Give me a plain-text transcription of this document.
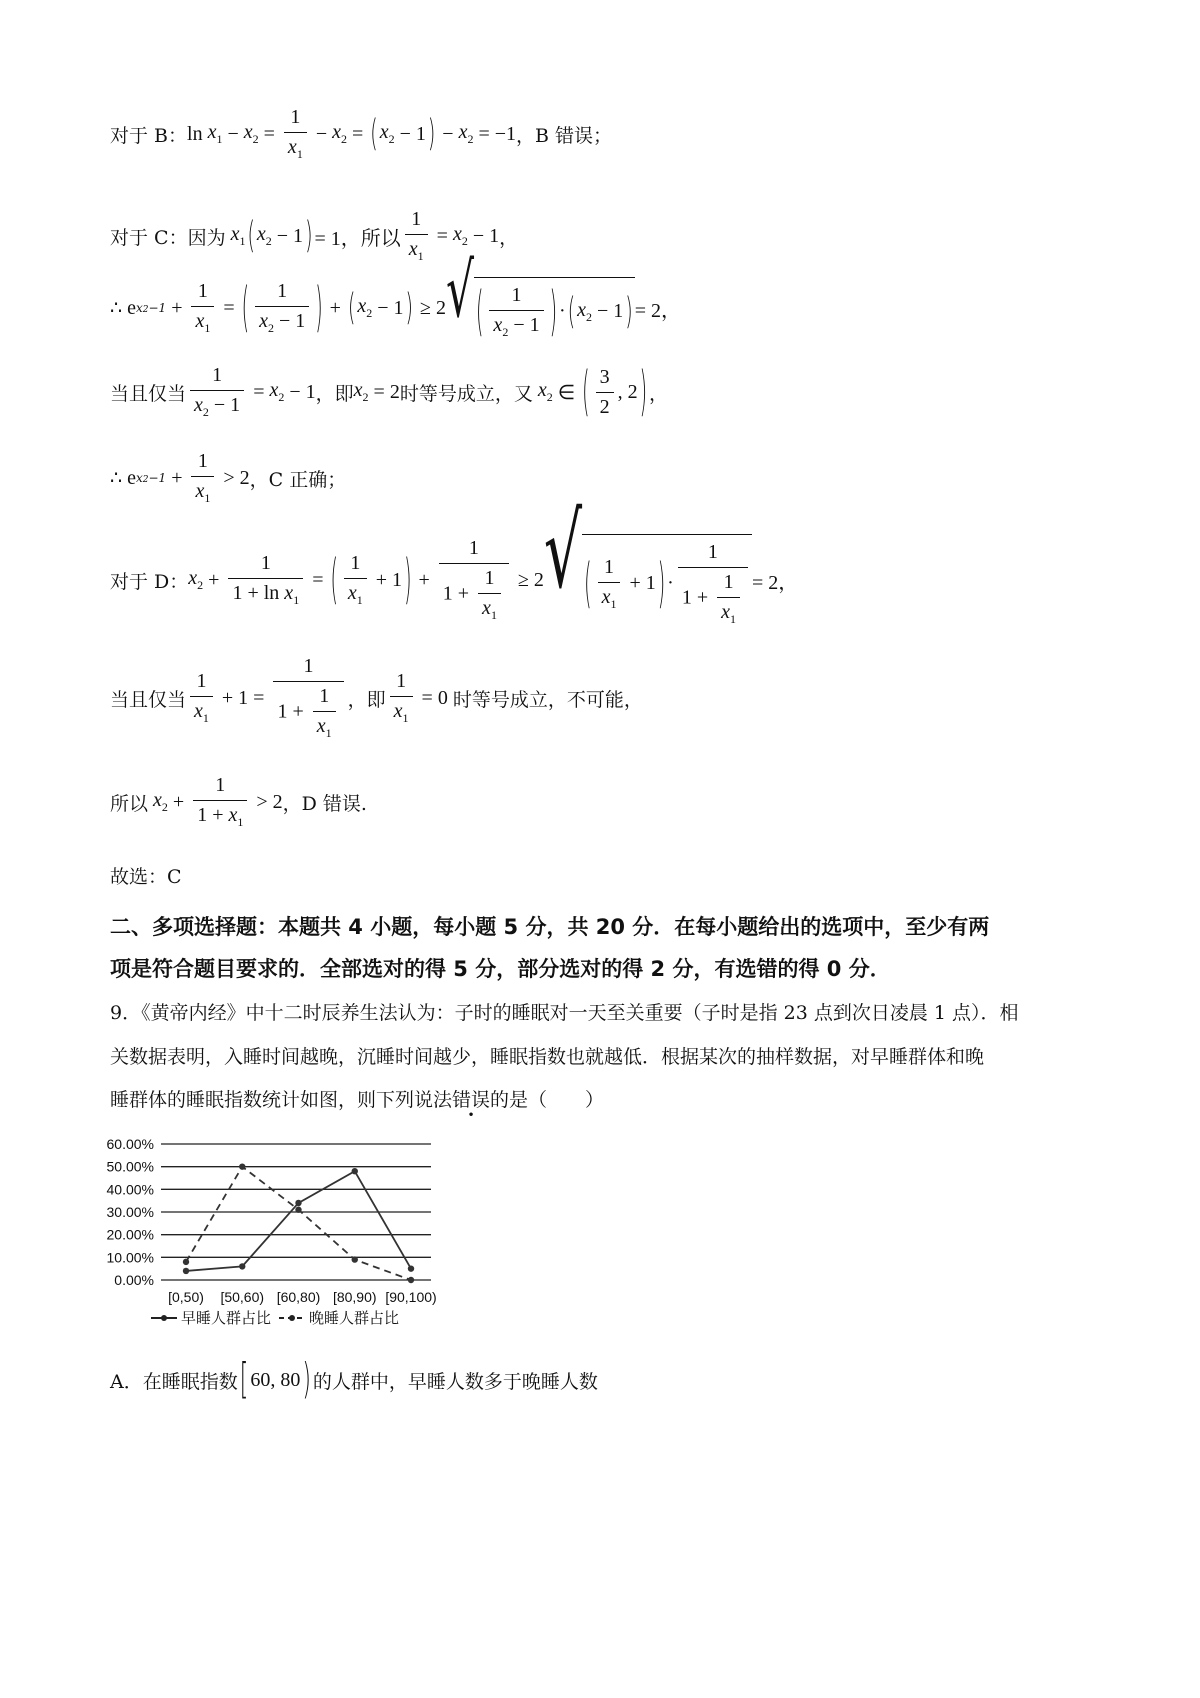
对于 B： $\ln x_1 - x_2 = \frac{1}{x_1} - x_2$ = ( $x_2 - 1$ ) − $x_2 = -1$ ，B 错误；
对于 C：因为 $x_1$ ( $x_2 - 1$ ) = 1，所以 $\frac{1}{x_1} = x_2 - 1$ ，
∴ e $x2-1 + \frac{1}{x_1}$ = ( $\frac{1}{x_2 - 1}$ ) + ( $x_2 - 1$ ) ≥ 2 √ ( $\frac{1}{x_2 - 1}$ ) · ( $x_2 - 1$ ) = 2，
当且仅当 $\frac{1}{x_2 - 1} = x_2 - 1$ ，即 $x_2 = 2$ 时等号成立，又 $x_2$ ∈ ( $\frac{3}{2}$ , 2 ) ，
∴ e $x2-1 + \frac{1}{x_1} > 2$ ，C 正确；
对于 D： $x_2 + \frac{1}{1 + \ln x_1}$ = ( $\frac{1}{x_1} + 1$ ) + $\frac{1}{1 + \frac{1}{x_1}} \ge 2$ √ ( $\frac{1}{x_1} + 1$ ) · $\frac{1}{1 + \frac{1}{x_1}} = 2$，
当且仅当 $\frac{1}{x_1} + 1 = \frac{1}{1 + \frac{1}{x_1}}$ ，即 $\frac{1}{x_1} = 0$ 时等号成立，不可能，
所以 $x_2 + \frac{1}{1 + x_1} > 2$ ，D 错误.
故选：C
二、多项选择题：本题共 4 小题，每小题 5 分，共 20 分．在每小题给出的选项中，至少有两
项是符合题目要求的．全部选对的得 5 分，部分选对的得 2 分，有选错的得 0 分．
9．《黄帝内经》中十二时辰养生法认为：子时的睡眠对一天至关重要（子时是指 23 点到次日凌晨 1 点）．相
关数据表明，入睡时间越晚，沉睡时间越少，睡眠指数也就越低．根据某次的抽样数据，对早睡群体和晚
睡群体的睡眠指数统计如图，则下列说法 错误 · 的是（　　）
0.00%
10.00%
20.00%
30.00%
40.00%
50.00%
60.00%
[0,50) [50,60) [60,80) [80,90) [90,100)
早睡人群占比	晚睡人群占比
A．在睡眠指数 [ 60, 80 ) 的人群中，早睡人数多于晚睡人数
